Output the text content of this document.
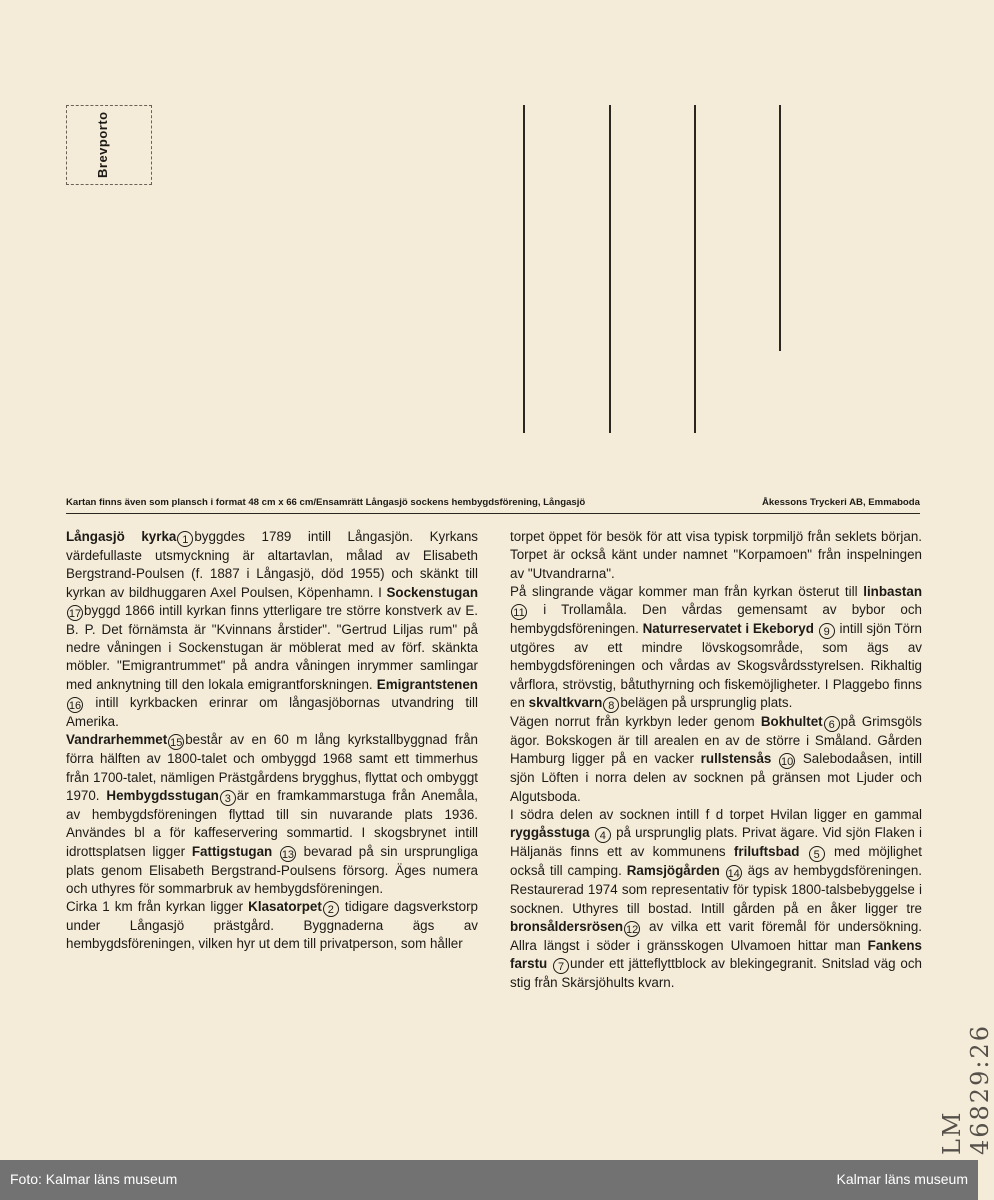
Brevporto
Kartan finns även som plansch i format 48 cm x 66 cm/Ensamrätt Långasjö sockens hembygdsförening, Långasjö	Åkessons Tryckeri AB, Emmaboda

Långasjö kyrka 1 byggdes 1789 intill Långasjön. Kyrkans värdefullaste utsmyckning är altartavlan, målad av Elisabeth Bergstrand-Poulsen (f. 1887 i Långasjö, död 1955) och skänkt till kyrkan av bildhuggaren Axel Poulsen, Köpenhamn. I Sockenstugan 17 byggd 1866 intill kyrkan finns ytterligare tre större konstverk av E. B. P. Det förnämsta är "Kvinnans årstider". "Gertrud Liljas rum" på nedre våningen i Sockenstugan är möblerat med av förf. skänkta möbler. "Emigrantrummet" på andra våningen inrymmer samlingar med anknytning till den lokala emigrantforskningen. Emigrantstenen 16 intill kyrkbacken erinrar om långasjöbornas utvandring till Amerika.

Vandrarhemmet 15 består av en 60 m lång kyrkstallbyggnad från förra hälften av 1800-talet och ombyggd 1968 samt ett timmerhus från 1700-talet, nämligen Prästgårdens brygghus, flyttat och ombyggt 1970. Hembygdsstugan 3 är en framkammarstuga från Anemåla, av hembygdsföreningen flyttad till sin nuvarande plats 1936. Användes bl a för kaffeservering sommartid. I skogsbrynet intill idrottsplatsen ligger Fattigstugan 13 bevarad på sin ursprungliga plats genom Elisabeth Bergstrand-Poulsens försorg. Äges numera och uthyres för sommarbruk av hembygdsföreningen.

Cirka 1 km från kyrkan ligger Klasatorpet 2 tidigare dagsverkstorp under Långasjö prästgård. Byggnaderna ägs av hembygdsföreningen, vilken hyr ut dem till privatperson, som håller

torpet öppet för besök för att visa typisk torpmiljö från seklets början. Torpet är också känt under namnet "Korpamoen" från inspelningen av "Utvandrarna".

På slingrande vägar kommer man från kyrkan österut till linbastan 11 i Trollamåla. Den vårdas gemensamt av bybor och hembygdsföreningen. Naturreservatet i Ekeboryd 9 intill sjön Törn utgöres av ett mindre lövskogsområde, som ägs av hembygdsföreningen och vårdas av Skogsvårdsstyrelsen. Rikhaltig vårflora, strövstig, båtuthyrning och fiskemöjligheter. I Plaggebo finns en skvaltkvarn 8 belägen på ursprunglig plats.

Vägen norrut från kyrkbyn leder genom Bokhultet 6 på Grimsgöls ägor. Bokskogen är till arealen en av de större i Småland. Gården Hamburg ligger på en vacker rullstensås 10 Salebodaåsen, intill sjön Löften i norra delen av socknen på gränsen mot Ljuder och Algutsboda.

I södra delen av socknen intill f d torpet Hvilan ligger en gammal ryggåsstuga 4 på ursprunglig plats. Privat ägare. Vid sjön Flaken i Häljanäs finns ett av kommunens friluftsbad 5 med möjlighet också till camping. Ramsjögården 14 ägs av hembygdsföreningen. Restaurerad 1974 som representativ för typisk 1800-talsbebyggelse i socknen. Uthyres till bostad. Intill gården på en åker ligger tre bronsåldersrösen 12 av vilka ett varit föremål för undersökning. Allra längst i söder i gränsskogen Ulvamoen hittar man Fankens farstu 7 under ett jätteflyttblock av blekingegranit. Snitslad väg och stig från Skärsjöhults kvarn.

LM 46829:26
Foto: Kalmar läns museum	Kalmar läns museum
